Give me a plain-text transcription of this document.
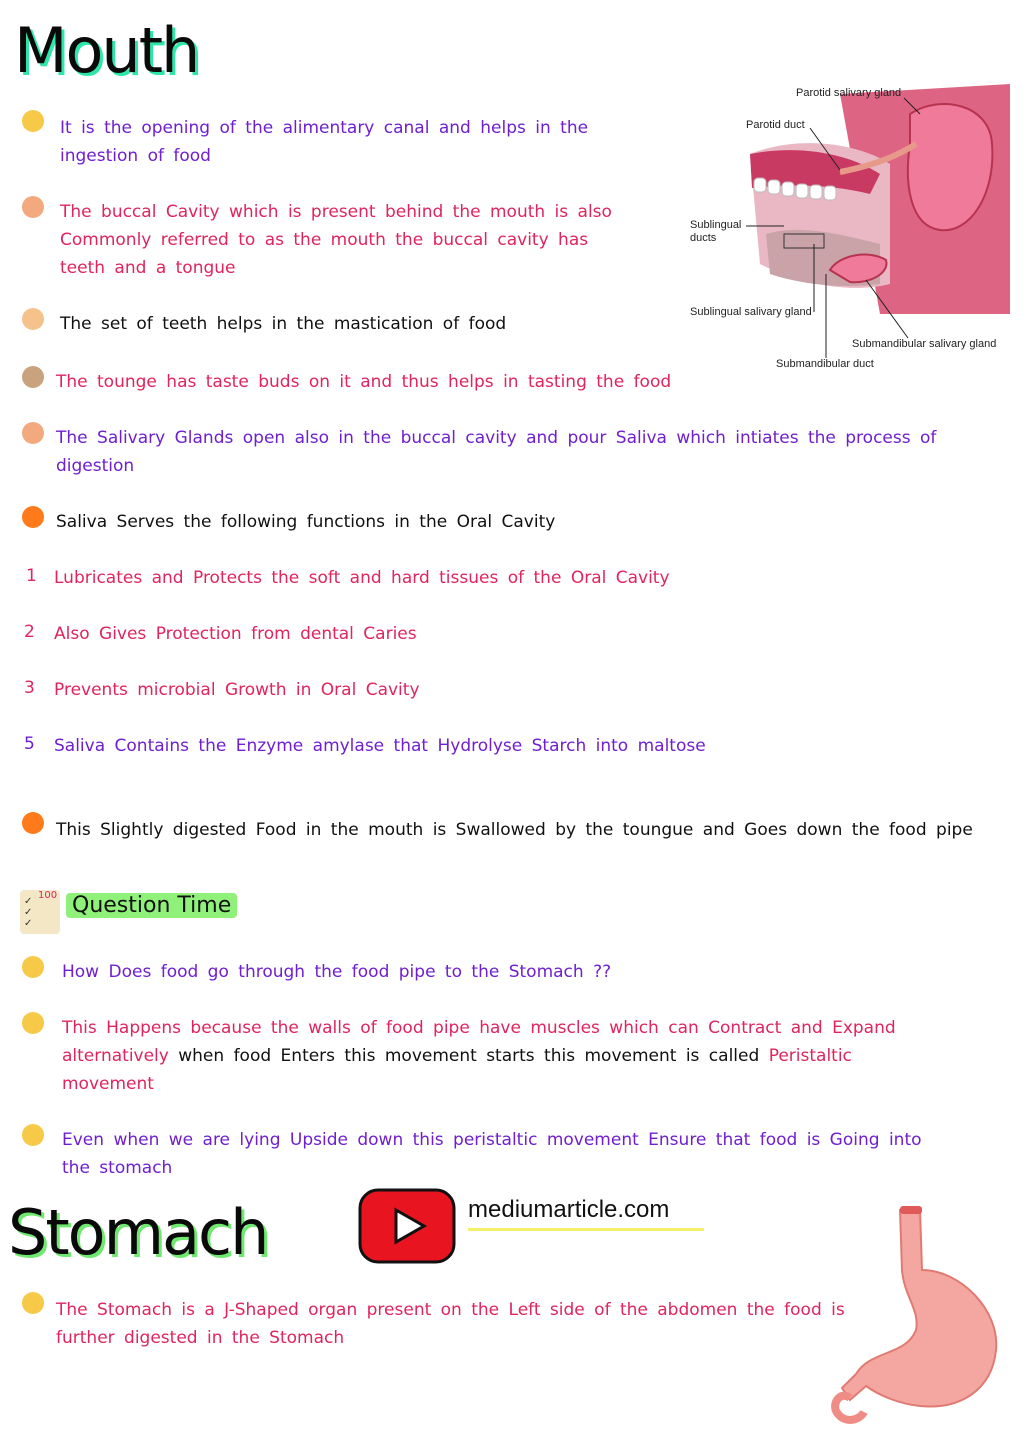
Mouth
It is the opening of the alimentary canal and helps in the ingestion of food
The buccal Cavity which is present behind the mouth is also Commonly referred to as the mouth the buccal cavity has teeth and a tongue
The set of teeth helps in the mastication of food
The tounge has taste buds on it and thus helps in tasting the food
The Salivary Glands open also in the buccal cavity and pour Saliva which intiates the process of digestion
Saliva Serves the following functions in the Oral Cavity
1 Lubricates and Protects the soft and hard tissues of the Oral Cavity
2 Also Gives Protection from dental Caries
3 Prevents microbial Growth in Oral Cavity
5 Saliva Contains the Enzyme amylase that Hydrolyse Starch into maltose
This Slightly digested Food in the mouth is Swallowed by the toungue and Goes down the food pipe
✓
✓
✓
100 Question Time
How Does food go through the food pipe to the Stomach ??
This Happens because the walls of food pipe have muscles which can Contract and Expand alternatively when food Enters this movement starts this movement is called Peristaltic movement
Even when we are lying Upside down this peristaltic movement Ensure that food is Going into the stomach
Stomach	mediumarticle.com
The Stomach is a J-Shaped organ present on the Left side of the abdomen the food is further digested in the Stomach
Parotid salivary gland
Parotid duct
Sublingual ducts
Sublingual salivary gland
Submandibular salivary gland
Submandibular duct
